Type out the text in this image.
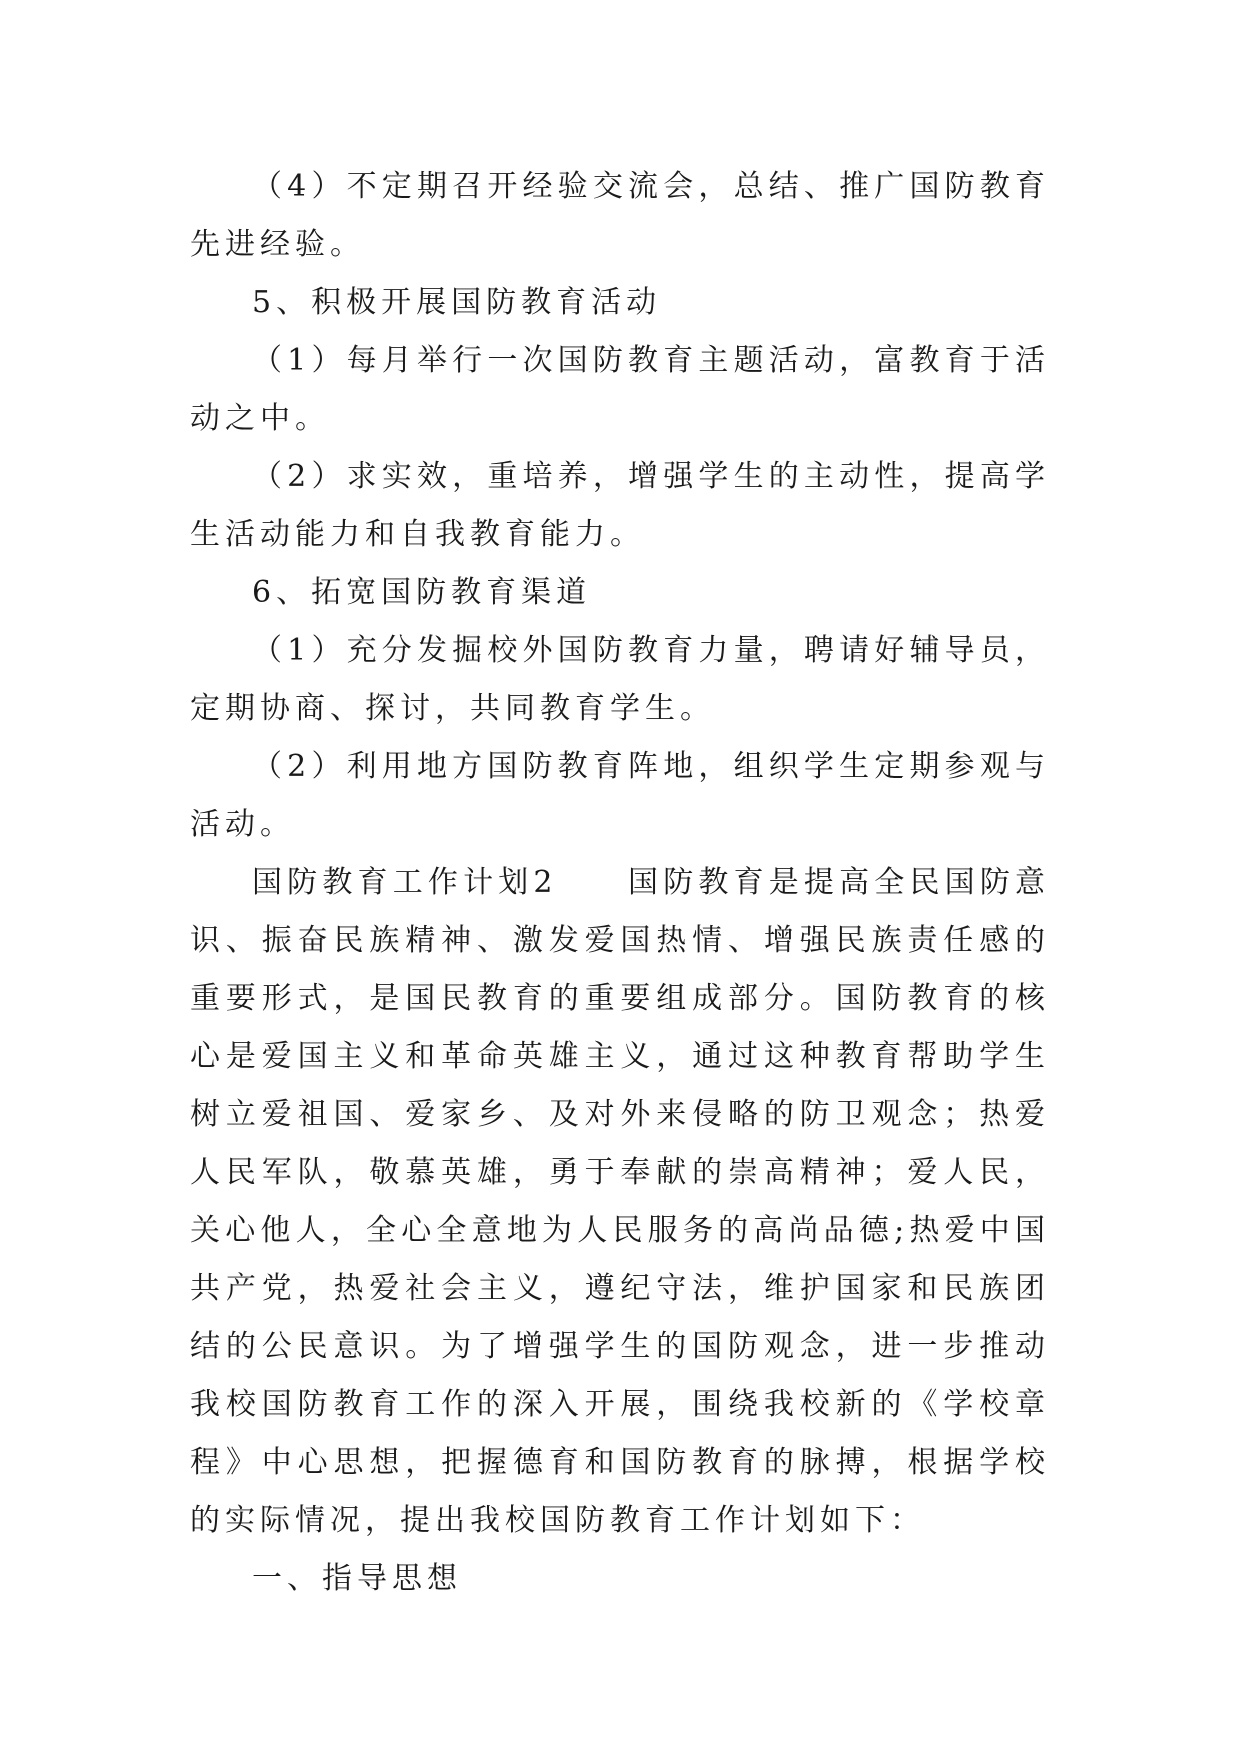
（4）不定期召开经验交流会，总结、推广国防教育先进经验。

5、积极开展国防教育活动

（1）每月举行一次国防教育主题活动，富教育于活动之中。

（2）求实效，重培养，增强学生的主动性，提高学生活动能力和自我教育能力。

6、拓宽国防教育渠道

（1）充分发掘校外国防教育力量，聘请好辅导员，定期协商、探讨，共同教育学生。

（2）利用地方国防教育阵地，组织学生定期参观与活动。

国防教育工作计划2　　国防教育是提高全民国防意识、振奋民族精神、激发爱国热情、增强民族责任感的重要形式，是国民教育的重要组成部分。国防教育的核心是爱国主义和革命英雄主义，通过这种教育帮助学生树立爱祖国、爱家乡、及对外来侵略的防卫观念；热爱人民军队，敬慕英雄，勇于奉献的崇高精神；爱人民，关心他人，全心全意地为人民服务的高尚品德;热爱中国共产党，热爱社会主义，遵纪守法，维护国家和民族团结的公民意识。为了增强学生的国防观念，进一步推动我校国防教育工作的深入开展，围绕我校新的《学校章程》中心思想，把握德育和国防教育的脉搏，根据学校的实际情况，提出我校国防教育工作计划如下：

一、指导思想
